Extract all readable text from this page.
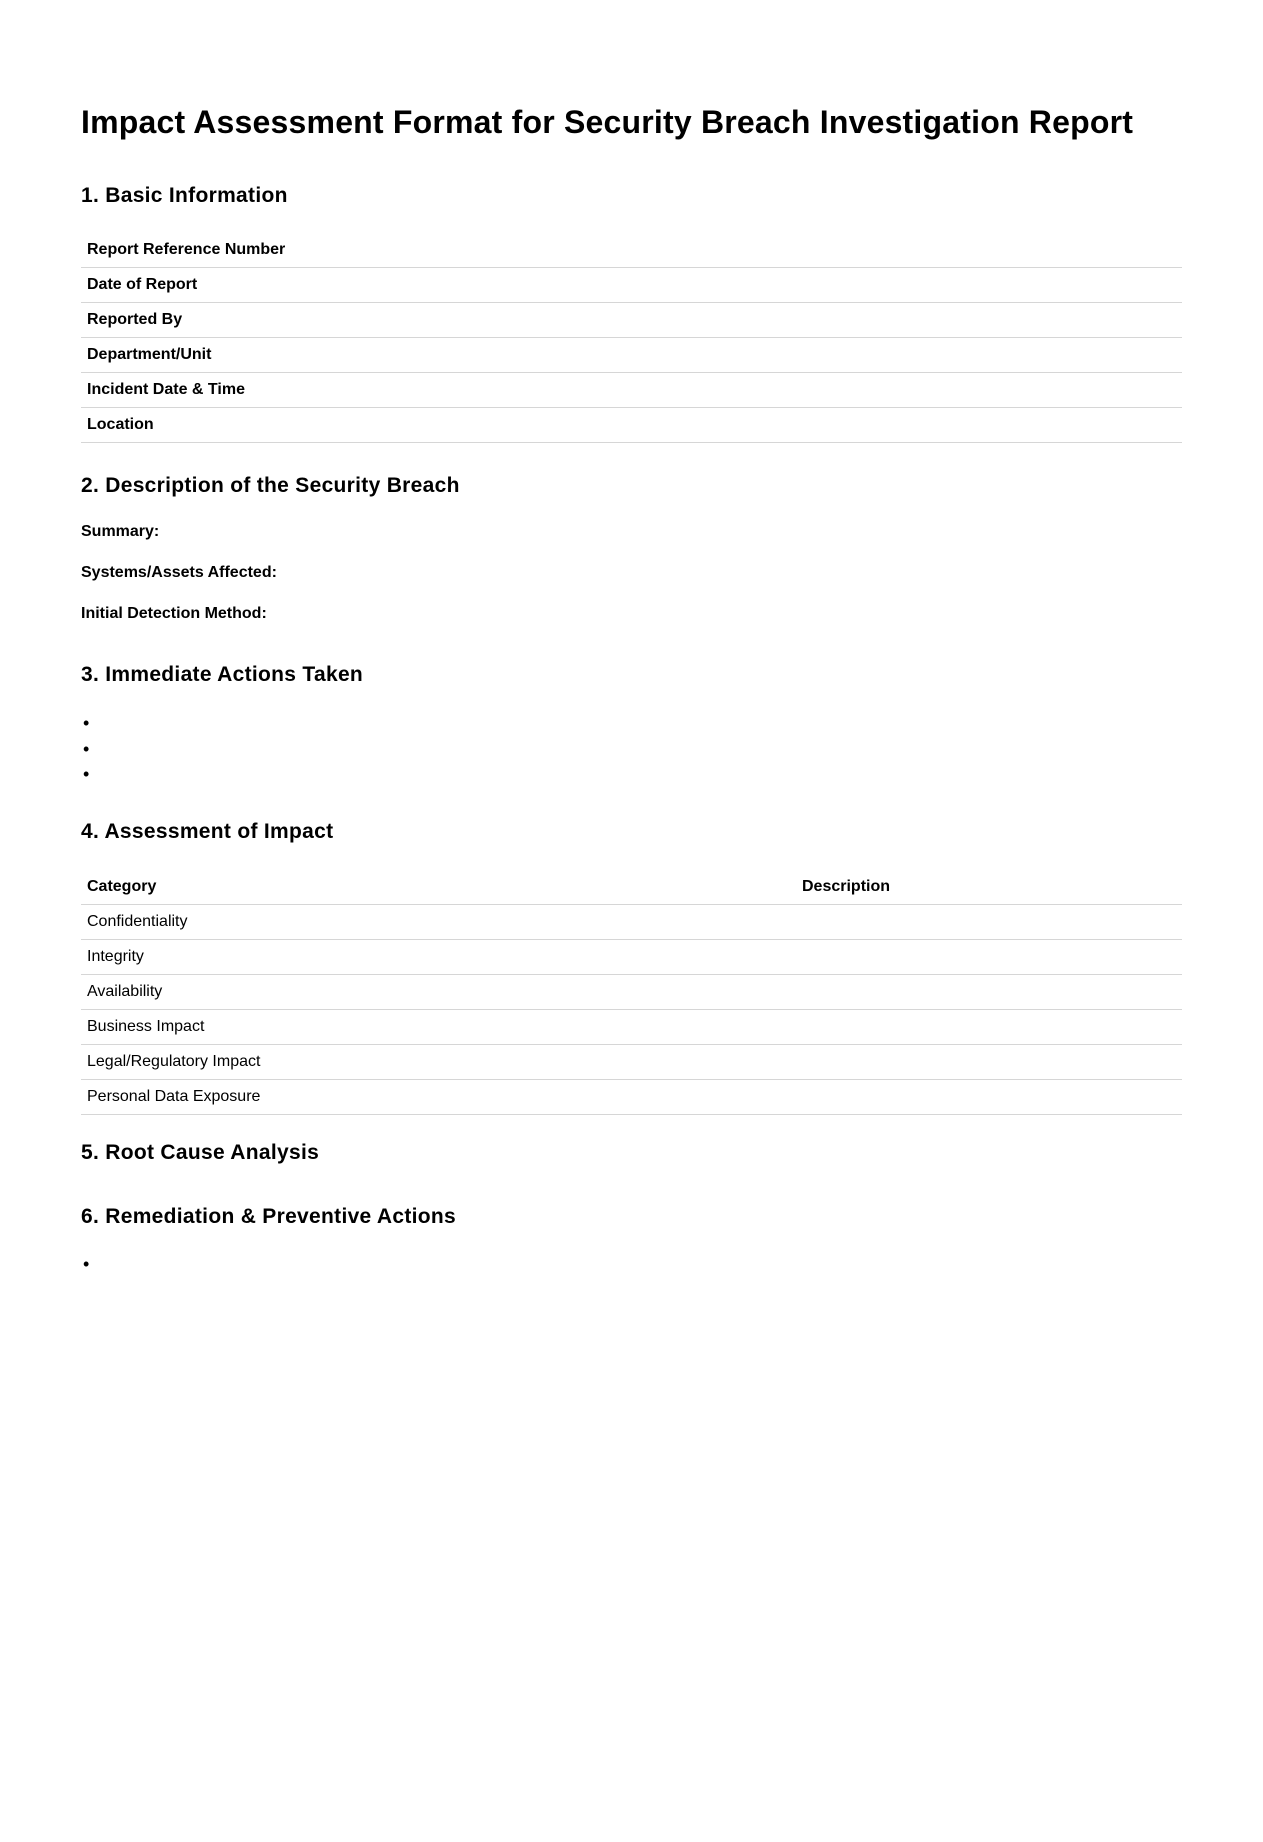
Impact Assessment Format for Security Breach Investigation Report
1. Basic Information
Report Reference Number	
Date of Report	
Reported By	
Department/Unit	
Incident Date & Time	
Location	
2. Description of the Security Breach

Summary:

Systems/Assets Affected:

Initial Detection Method:

3. Immediate Actions Taken
•
•
•
4. Assessment of Impact
Category	Description
Confidentiality	
Integrity	
Availability	
Business Impact	
Legal/Regulatory Impact	
Personal Data Exposure	
5. Root Cause Analysis
6. Remediation & Preventive Actions
•
